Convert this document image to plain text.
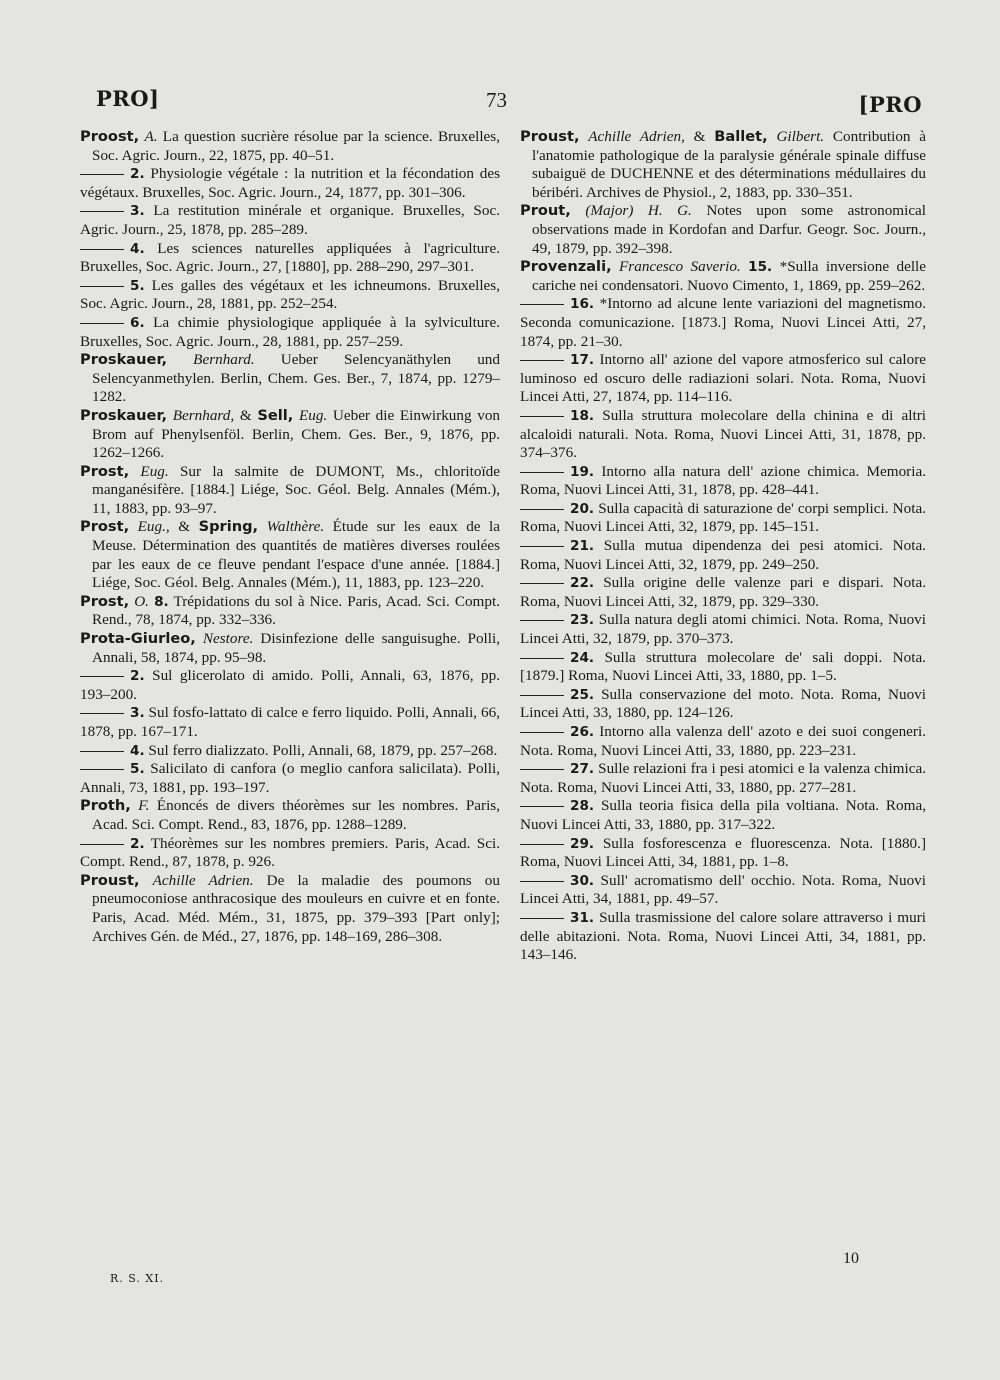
PRO]	73	[PRO
Proost, A. La question sucrière résolue par la science. Bruxelles, Soc. Agric. Journ., 22, 1875, pp. 40–51.
2. Physiologie végétale : la nutrition et la fécondation des végétaux. Bruxelles, Soc. Agric. Journ., 24, 1877, pp. 301–306.
3. La restitution minérale et organique. Bruxelles, Soc. Agric. Journ., 25, 1878, pp. 285–289.
4. Les sciences naturelles appliquées à l'agriculture. Bruxelles, Soc. Agric. Journ., 27, [1880], pp. 288–290, 297–301.
5. Les galles des végétaux et les ichneumons. Bruxelles, Soc. Agric. Journ., 28, 1881, pp. 252–254.
6. La chimie physiologique appliquée à la sylviculture. Bruxelles, Soc. Agric. Journ., 28, 1881, pp. 257–259.
Proskauer, Bernhard. Ueber Selencyanäthylen und Selencyanmethylen. Berlin, Chem. Ges. Ber., 7, 1874, pp. 1279–1282.
Proskauer, Bernhard, & Sell, Eug. Ueber die Einwirkung von Brom auf Phenylsenföl. Berlin, Chem. Ges. Ber., 9, 1876, pp. 1262–1266.
Prost, Eug. Sur la salmite de DUMONT, Ms., chloritoïde manganésifère. [1884.] Liége, Soc. Géol. Belg. Annales (Mém.), 11, 1883, pp. 93–97.
Prost, Eug., & Spring, Walthère. Étude sur les eaux de la Meuse. Détermination des quantités de matières diverses roulées par les eaux de ce fleuve pendant l'espace d'une année. [1884.] Liége, Soc. Géol. Belg. Annales (Mém.), 11, 1883, pp. 123–220.
Prost, O. 8. Trépidations du sol à Nice. Paris, Acad. Sci. Compt. Rend., 78, 1874, pp. 332–336.
Prota-Giurleo, Nestore. Disinfezione delle sanguisughe. Polli, Annali, 58, 1874, pp. 95–98.
2. Sul glicerolato di amido. Polli, Annali, 63, 1876, pp. 193–200.
3. Sul fosfo-lattato di calce e ferro liquido. Polli, Annali, 66, 1878, pp. 167–171.
4. Sul ferro dializzato. Polli, Annali, 68, 1879, pp. 257–268.
5. Salicilato di canfora (o meglio canfora salicilata). Polli, Annali, 73, 1881, pp. 193–197.
Proth, F. Énoncés de divers théorèmes sur les nombres. Paris, Acad. Sci. Compt. Rend., 83, 1876, pp. 1288–1289.
2. Théorèmes sur les nombres premiers. Paris, Acad. Sci. Compt. Rend., 87, 1878, p. 926.
Proust, Achille Adrien. De la maladie des poumons ou pneumoconiose anthracosique des mouleurs en cuivre et en fonte. Paris, Acad. Méd. Mém., 31, 1875, pp. 379–393 [Part only]; Archives Gén. de Méd., 27, 1876, pp. 148–169, 286–308.
Proust, Achille Adrien, & Ballet, Gilbert. Contribution à l'anatomie pathologique de la paralysie générale spinale diffuse subaiguë de DUCHENNE et des déterminations médullaires du béribéri. Archives de Physiol., 2, 1883, pp. 330–351.
Prout, (Major) H. G. Notes upon some astronomical observations made in Kordofan and Darfur. Geogr. Soc. Journ., 49, 1879, pp. 392–398.
Provenzali, Francesco Saverio. 15. *Sulla inversione delle cariche nei condensatori. Nuovo Cimento, 1, 1869, pp. 259–262.
16. *Intorno ad alcune lente variazioni del magnetismo. Seconda comunicazione. [1873.] Roma, Nuovi Lincei Atti, 27, 1874, pp. 21–30.
17. Intorno all' azione del vapore atmosferico sul calore luminoso ed oscuro delle radiazioni solari. Nota. Roma, Nuovi Lincei Atti, 27, 1874, pp. 114–116.
18. Sulla struttura molecolare della chinina e di altri alcaloidi naturali. Nota. Roma, Nuovi Lincei Atti, 31, 1878, pp. 374–376.
19. Intorno alla natura dell' azione chimica. Memoria. Roma, Nuovi Lincei Atti, 31, 1878, pp. 428–441.
20. Sulla capacità di saturazione de' corpi semplici. Nota. Roma, Nuovi Lincei Atti, 32, 1879, pp. 145–151.
21. Sulla mutua dipendenza dei pesi atomici. Nota. Roma, Nuovi Lincei Atti, 32, 1879, pp. 249–250.
22. Sulla origine delle valenze pari e dispari. Nota. Roma, Nuovi Lincei Atti, 32, 1879, pp. 329–330.
23. Sulla natura degli atomi chimici. Nota. Roma, Nuovi Lincei Atti, 32, 1879, pp. 370–373.
24. Sulla struttura molecolare de' sali doppi. Nota. [1879.] Roma, Nuovi Lincei Atti, 33, 1880, pp. 1–5.
25. Sulla conservazione del moto. Nota. Roma, Nuovi Lincei Atti, 33, 1880, pp. 124–126.
26. Intorno alla valenza dell' azoto e dei suoi congeneri. Nota. Roma, Nuovi Lincei Atti, 33, 1880, pp. 223–231.
27. Sulle relazioni fra i pesi atomici e la valenza chimica. Nota. Roma, Nuovi Lincei Atti, 33, 1880, pp. 277–281.
28. Sulla teoria fisica della pila voltiana. Nota. Roma, Nuovi Lincei Atti, 33, 1880, pp. 317–322.
29. Sulla fosforescenza e fluorescenza. Nota. [1880.] Roma, Nuovi Lincei Atti, 34, 1881, pp. 1–8.
30. Sull' acromatismo dell' occhio. Nota. Roma, Nuovi Lincei Atti, 34, 1881, pp. 49–57.
31. Sulla trasmissione del calore solare attraverso i muri delle abitazioni. Nota. Roma, Nuovi Lincei Atti, 34, 1881, pp. 143–146.
R. S. XI.
10
